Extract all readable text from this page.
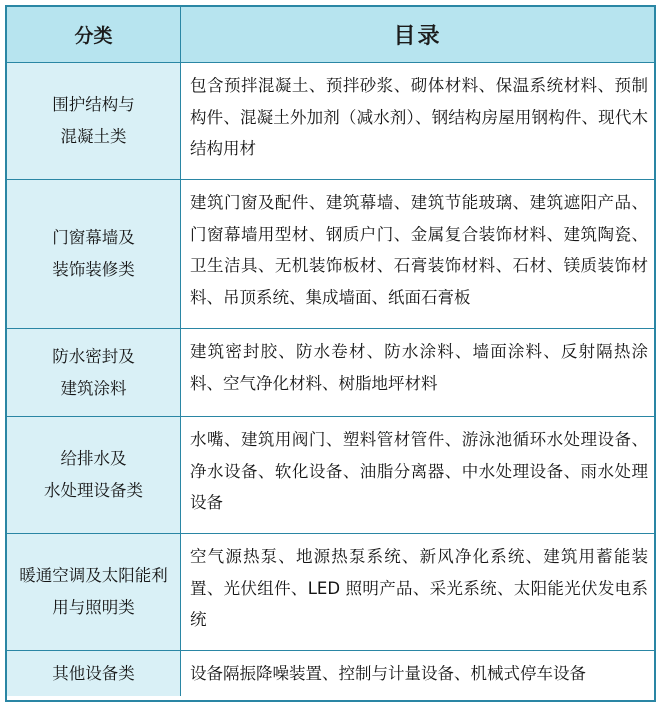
分类	目录
围护结构与
混凝土类
包含预拌混凝土、预拌砂浆、砌体材料、保温系统材料、预制构件、混凝土外加剂（减水剂）、钢结构房屋用钢构件、现代木结构用材
门窗幕墙及
装饰装修类
建筑门窗及配件、建筑幕墙、建筑节能玻璃、建筑遮阳产品、门窗幕墙用型材、钢质户门、金属复合装饰材料、建筑陶瓷、卫生洁具、无机装饰板材、石膏装饰材料、石材、镁质装饰材料、吊顶系统、集成墙面、纸面石膏板
防水密封及
建筑涂料
建筑密封胶、防水卷材、防水涂料、墙面涂料、反射隔热涂料、空气净化材料、树脂地坪材料
给排水及
水处理设备类
水嘴、建筑用阀门、塑料管材管件、游泳池循环水处理设备、净水设备、软化设备、油脂分离器、中水处理设备、雨水处理设备
暖通空调及太阳能利
用与照明类
空气源热泵、地源热泵系统、新风净化系统、建筑用蓄能装置、光伏组件、LED 照明产品、采光系统、太阳能光伏发电系统
其他设备类	设备隔振降噪装置、控制与计量设备、机械式停车设备
